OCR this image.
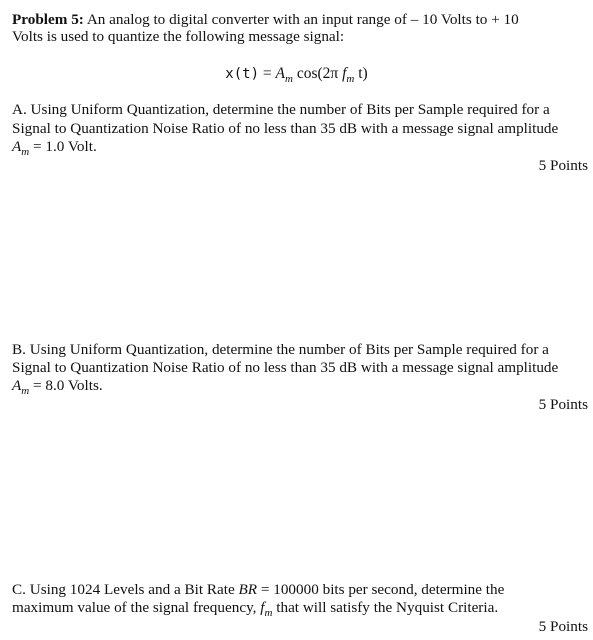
Problem 5: An analog to digital converter with an input range of – 10 Volts to + 10
Volts is used to quantize the following message signal:
$x(t) = A_m$ cos(2π $f_m$ t)
A. Using Uniform Quantization, determine the number of Bits per Sample required for a
Signal to Quantization Noise Ratio of no less than 35 dB with a message signal amplitude
$A_m = 1.0$ Volt.
5 Points
B. Using Uniform Quantization, determine the number of Bits per Sample required for a
Signal to Quantization Noise Ratio of no less than 35 dB with a message signal amplitude
$A_m = 8.0$ Volts.
5 Points
C. Using 1024 Levels and a Bit Rate BR = 100000 bits per second, determine the
maximum value of the signal frequency, $f_m$ that will satisfy the Nyquist Criteria.
5 Points
